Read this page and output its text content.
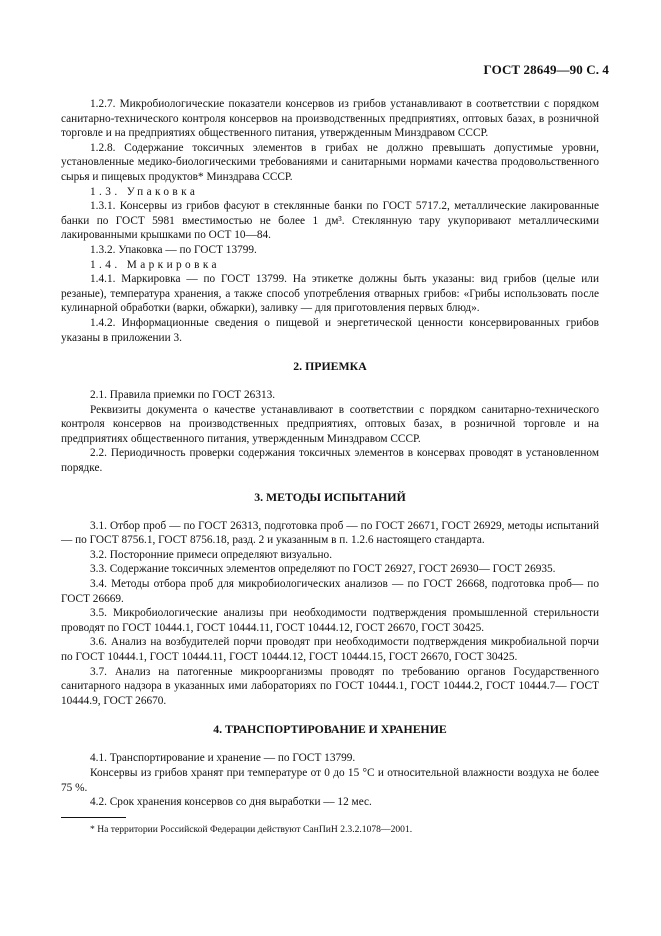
ГОСТ 28649—90 С. 4

1.2.7. Микробиологические показатели консервов из грибов устанавливают в соответствии с порядком санитарно-технического контроля консервов на производственных предприятиях, оптовых базах, в розничной торговле и на предприятиях общественного питания, утвержденным Минздравом СССР.

1.2.8. Содержание токсичных элементов в грибах не должно превышать допустимые уровни, установленные медико-биологическими требованиями и санитарными нормами качества продовольственного сырья и пищевых продуктов* Минздрава СССР.

1.3. Упаковка

1.3.1. Консервы из грибов фасуют в стеклянные банки по ГОСТ 5717.2, металлические лакированные банки по ГОСТ 5981 вместимостью не более 1 дм³. Стеклянную тару укупоривают металлическими лакированными крышками по ОСТ 10—84.

1.3.2. Упаковка — по ГОСТ 13799.

1.4. Маркировка

1.4.1. Маркировка — по ГОСТ 13799. На этикетке должны быть указаны: вид грибов (целые или резаные), температура хранения, а также способ употребления отварных грибов: «Грибы использовать после кулинарной обработки (варки, обжарки), заливку — для приготовления первых блюд».

1.4.2. Информационные сведения о пищевой и энергетической ценности консервированных грибов указаны в приложении 3.

2. ПРИЕМКА

2.1. Правила приемки по ГОСТ 26313.

Реквизиты документа о качестве устанавливают в соответствии с порядком санитарно-технического контроля консервов на производственных предприятиях, оптовых базах, в розничной торговле и на предприятиях общественного питания, утвержденным Минздравом СССР.

2.2. Периодичность проверки содержания токсичных элементов в консервах проводят в установленном порядке.

3. МЕТОДЫ ИСПЫТАНИЙ

3.1. Отбор проб — по ГОСТ 26313, подготовка проб — по ГОСТ 26671, ГОСТ 26929, методы испытаний — по ГОСТ 8756.1, ГОСТ 8756.18, разд. 2 и указанным в п. 1.2.6 настоящего стандарта.

3.2. Посторонние примеси определяют визуально.

3.3. Содержание токсичных элементов определяют по ГОСТ 26927, ГОСТ 26930— ГОСТ 26935.

3.4. Методы отбора проб для микробиологических анализов — по ГОСТ 26668, подготовка проб— по ГОСТ 26669.

3.5. Микробиологические анализы при необходимости подтверждения промышленной стерильности проводят по ГОСТ 10444.1, ГОСТ 10444.11, ГОСТ 10444.12, ГОСТ 26670, ГОСТ 30425.

3.6. Анализ на возбудителей порчи проводят при необходимости подтверждения микробиальной порчи по ГОСТ 10444.1, ГОСТ 10444.11, ГОСТ 10444.12, ГОСТ 10444.15, ГОСТ 26670, ГОСТ 30425.

3.7. Анализ на патогенные микроорганизмы проводят по требованию органов Государственного санитарного надзора в указанных ими лабораториях по ГОСТ 10444.1, ГОСТ 10444.2, ГОСТ 10444.7— ГОСТ 10444.9, ГОСТ 26670.

4. ТРАНСПОРТИРОВАНИЕ И ХРАНЕНИЕ

4.1. Транспортирование и хранение — по ГОСТ 13799.

Консервы из грибов хранят при температуре от 0 до 15 °С и относительной влажности воздуха не более 75 %.

4.2. Срок хранения консервов со дня выработки — 12 мес.

* На территории Российской Федерации действуют СанПиН 2.3.2.1078—2001.
